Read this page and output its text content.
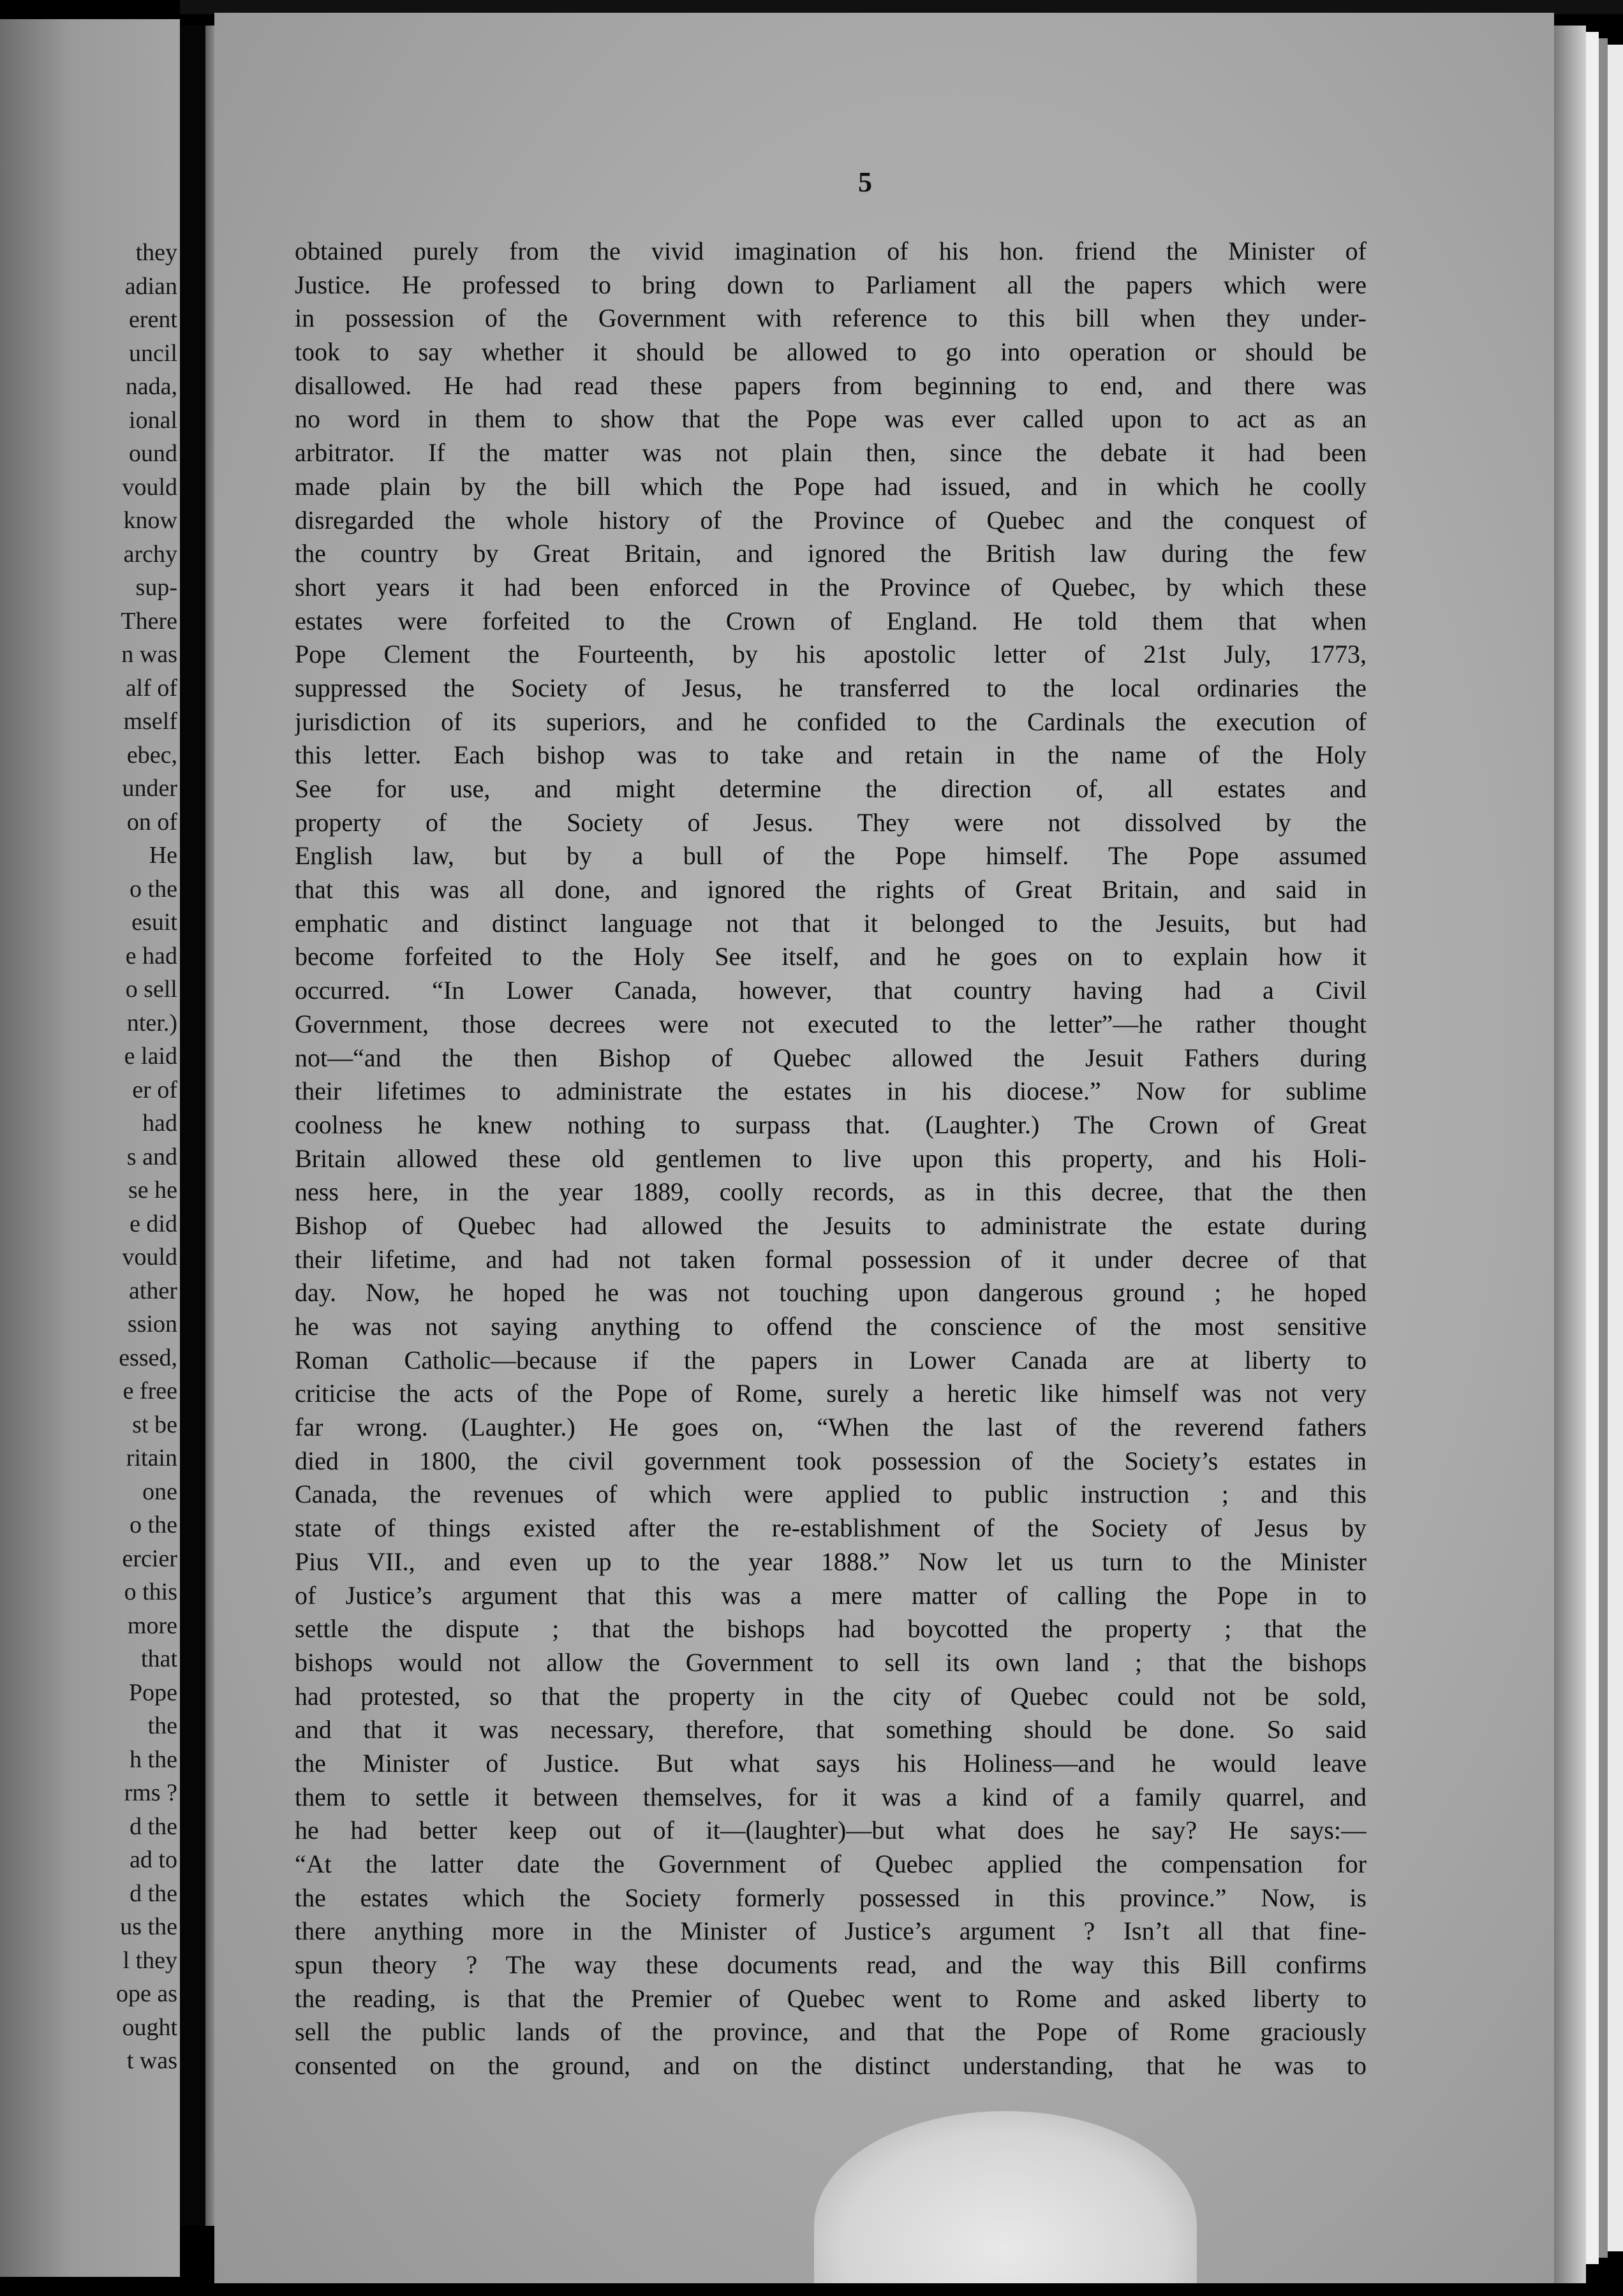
they
adian
erent
uncil
nada,
ional
ound
vould
know
archy
sup-
There
n was
alf of
mself
ebec,
under
on of
He
o the
esuit
e had
o sell
nter.)
e laid
er of
had
s and
se he
e did
vould
ather
ssion
essed,
e free
st be
ritain
one
o the
ercier
o this
more
that
Pope
the
h the
rms ?
d the
ad to
d the
us the
l they
ope as
ought
t was

5

obtained purely from the vivid imagination of his hon. friend the Minister of
Justice. He professed to bring down to Parliament all the papers which were
in possession of the Government with reference to this bill when they under-
took to say whether it should be allowed to go into operation or should be
disallowed. He had read these papers from beginning to end, and there was
no word in them to show that the Pope was ever called upon to act as an
arbitrator. If the matter was not plain then, since the debate it had been
made plain by the bill which the Pope had issued, and in which he coolly
disregarded the whole history of the Province of Quebec and the conquest of
the country by Great Britain, and ignored the British law during the few
short years it had been enforced in the Province of Quebec, by which these
estates were forfeited to the Crown of England. He told them that when
Pope Clement the Fourteenth, by his apostolic letter of 21st July, 1773,
suppressed the Society of Jesus, he transferred to the local ordinaries the
jurisdiction of its superiors, and he confided to the Cardinals the execution of
this letter. Each bishop was to take and retain in the name of the Holy
See for use, and might determine the direction of, all estates and
property of the Society of Jesus. They were not dissolved by the
English law, but by a bull of the Pope himself. The Pope assumed
that this was all done, and ignored the rights of Great Britain, and said in
emphatic and distinct language not that it belonged to the Jesuits, but had
become forfeited to the Holy See itself, and he goes on to explain how it
occurred. “In Lower Canada, however, that country having had a Civil
Government, those decrees were not executed to the letter”—he rather thought
not—“and the then Bishop of Quebec allowed the Jesuit Fathers during
their lifetimes to administrate the estates in his diocese.” Now for sublime
coolness he knew nothing to surpass that. (Laughter.) The Crown of Great
Britain allowed these old gentlemen to live upon this property, and his Holi-
ness here, in the year 1889, coolly records, as in this decree, that the then
Bishop of Quebec had allowed the Jesuits to administrate the estate during
their lifetime, and had not taken formal possession of it under decree of that
day. Now, he hoped he was not touching upon dangerous ground ; he hoped
he was not saying anything to offend the conscience of the most sensitive
Roman Catholic—because if the papers in Lower Canada are at liberty to
criticise the acts of the Pope of Rome, surely a heretic like himself was not very
far wrong. (Laughter.) He goes on, “When the last of the reverend fathers
died in 1800, the civil government took possession of the Society’s estates in
Canada, the revenues of which were applied to public instruction ; and this
state of things existed after the re-establishment of the Society of Jesus by
Pius VII., and even up to the year 1888.” Now let us turn to the Minister
of Justice’s argument that this was a mere matter of calling the Pope in to
settle the dispute ; that the bishops had boycotted the property ; that the
bishops would not allow the Government to sell its own land ; that the bishops
had protested, so that the property in the city of Quebec could not be sold,
and that it was necessary, therefore, that something should be done. So said
the Minister of Justice. But what says his Holiness—and he would leave
them to settle it between themselves, for it was a kind of a family quarrel, and
he had better keep out of it—(laughter)—but what does he say? He says:—
“At the latter date the Government of Quebec applied the compensation for
the estates which the Society formerly possessed in this province.” Now, is
there anything more in the Minister of Justice’s argument ? Isn’t all that fine-
spun theory ? The way these documents read, and the way this Bill confirms
the reading, is that the Premier of Quebec went to Rome and asked liberty to
sell the public lands of the province, and that the Pope of Rome graciously
consented on the ground, and on the distinct understanding, that he was to
